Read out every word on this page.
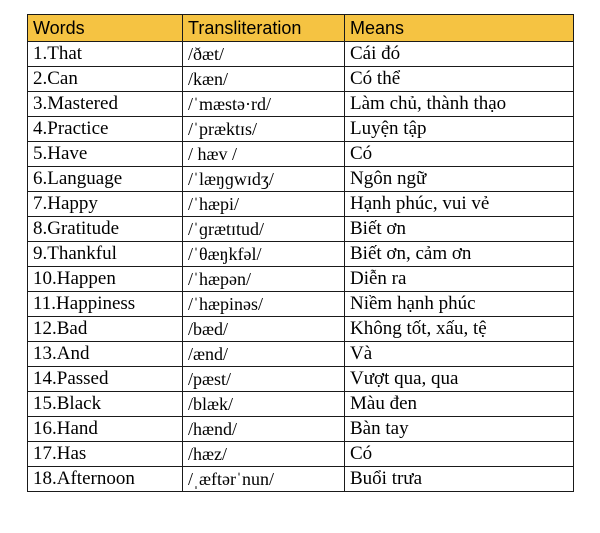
Words	Transliteration	Means
1.That	/ðæt/	Cái đó
2.Can	/kæn/	Có thể
3.Mastered	/ˈmæstə·rd/	Làm chủ, thành thạo
4.Practice	/ˈpræktɪs/	Luyện tập
5.Have	/ hæv /	Có
6.Language	/ˈlæŋɡwɪdʒ/	Ngôn ngữ
7.Happy	/ˈhæpi/	Hạnh phúc, vui vẻ
8.Gratitude	/ˈɡrætɪtud/	Biết ơn
9.Thankful	/ˈθæŋkfəl/	Biết ơn, cảm ơn
10.Happen	/ˈhæpən/	Diễn ra
11.Happiness	/ˈhæpinəs/	Niềm hạnh phúc
12.Bad	/bæd/	Không tốt, xấu, tệ
13.And	/ænd/	Và
14.Passed	/pæst/	Vượt qua, qua
15.Black	/blæk/	Màu đen
16.Hand	/hænd/	Bàn tay
17.Has	/hæz/	Có
18.Afternoon	/ˌæftərˈnun/	Buổi trưa
